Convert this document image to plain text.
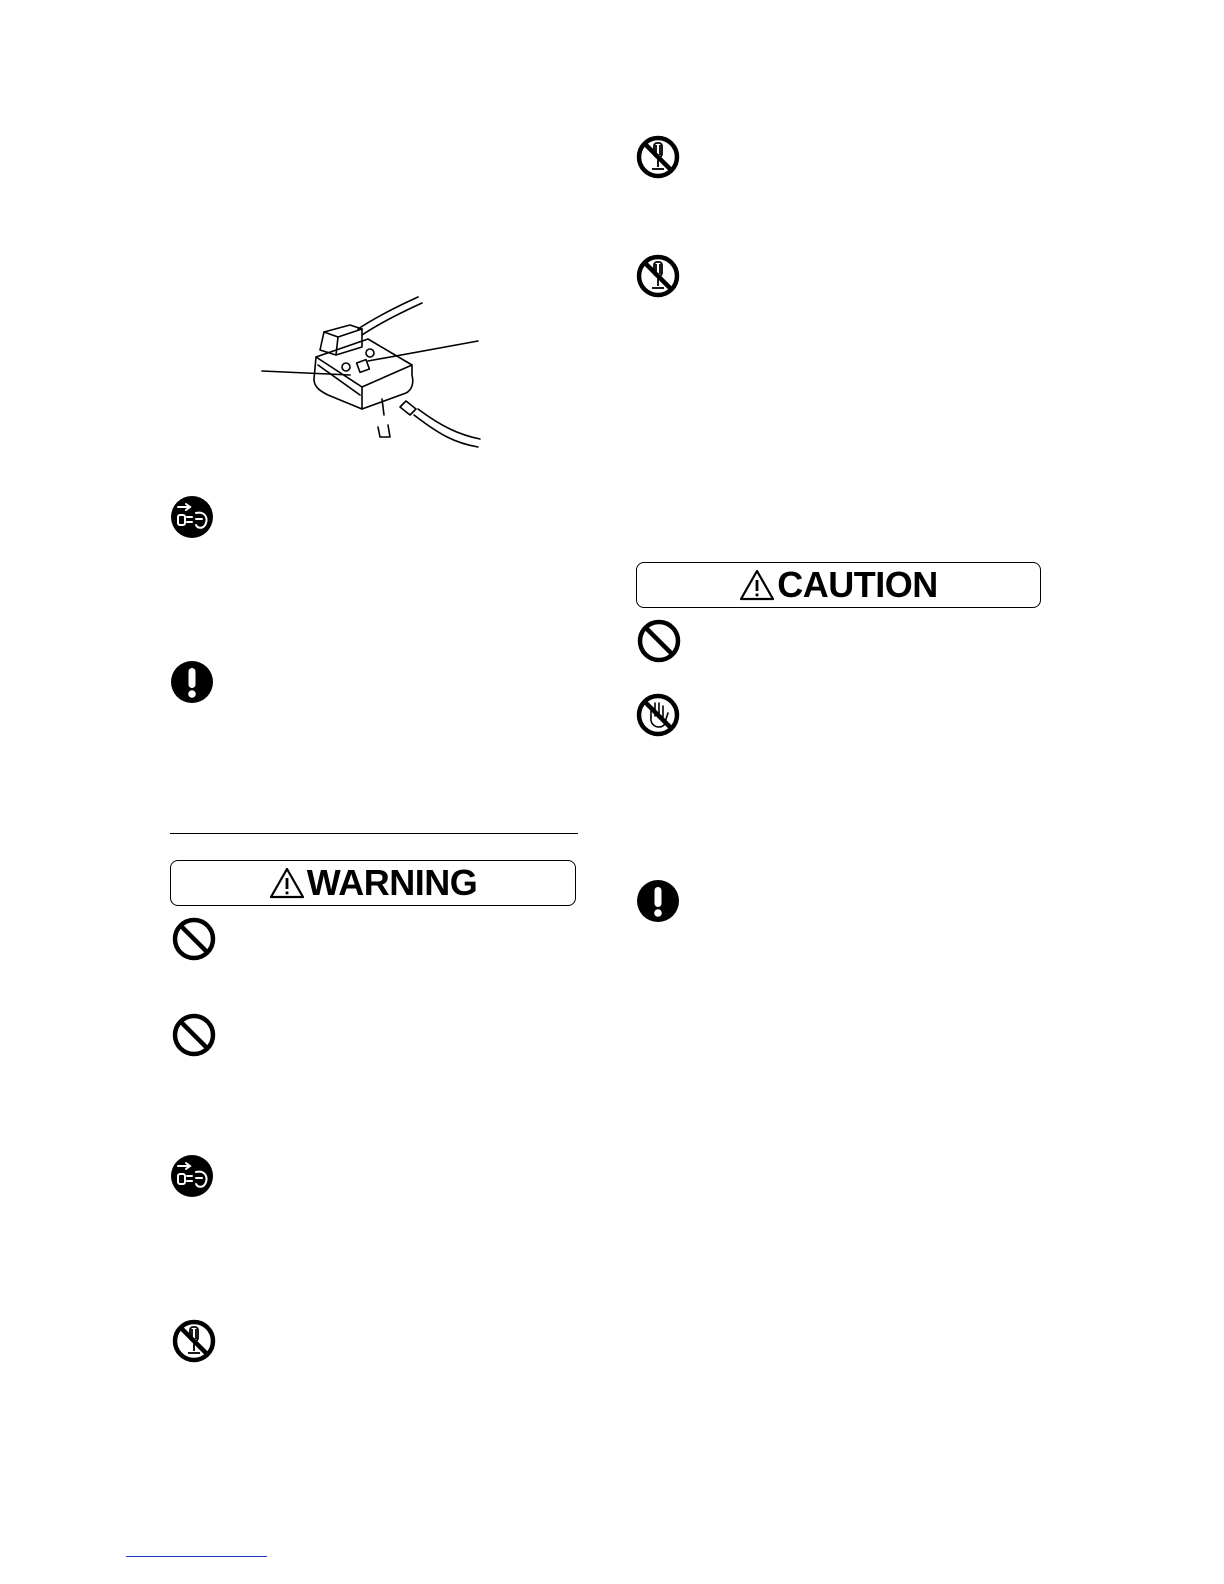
WARNING
CAUTION
